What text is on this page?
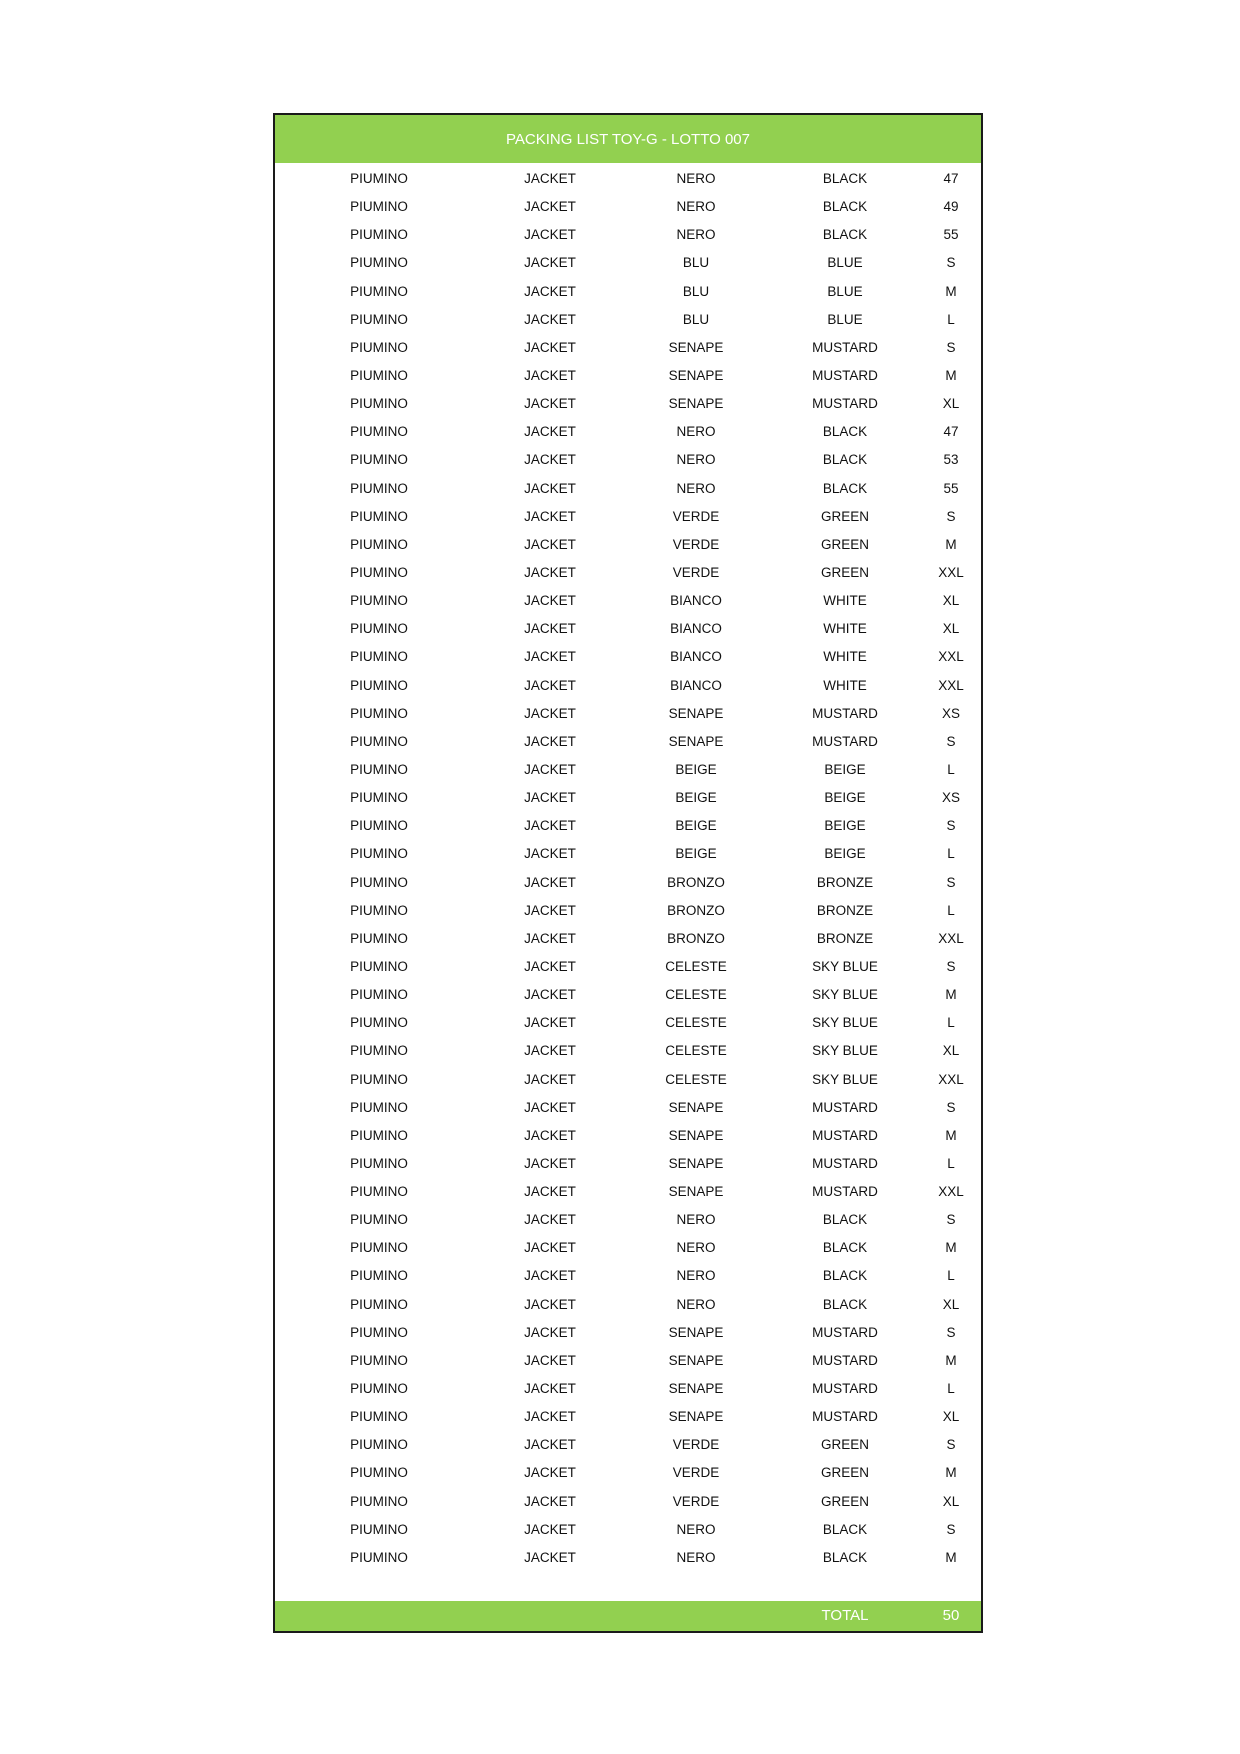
PACKING LIST TOY-G - LOTTO 007
PIUMINO	JACKET	NERO	BLACK	47
PIUMINO	JACKET	NERO	BLACK	49
PIUMINO	JACKET	NERO	BLACK	55
PIUMINO	JACKET	BLU	BLUE	S
PIUMINO	JACKET	BLU	BLUE	M
PIUMINO	JACKET	BLU	BLUE	L
PIUMINO	JACKET	SENAPE	MUSTARD	S
PIUMINO	JACKET	SENAPE	MUSTARD	M
PIUMINO	JACKET	SENAPE	MUSTARD	XL
PIUMINO	JACKET	NERO	BLACK	47
PIUMINO	JACKET	NERO	BLACK	53
PIUMINO	JACKET	NERO	BLACK	55
PIUMINO	JACKET	VERDE	GREEN	S
PIUMINO	JACKET	VERDE	GREEN	M
PIUMINO	JACKET	VERDE	GREEN	XXL
PIUMINO	JACKET	BIANCO	WHITE	XL
PIUMINO	JACKET	BIANCO	WHITE	XL
PIUMINO	JACKET	BIANCO	WHITE	XXL
PIUMINO	JACKET	BIANCO	WHITE	XXL
PIUMINO	JACKET	SENAPE	MUSTARD	XS
PIUMINO	JACKET	SENAPE	MUSTARD	S
PIUMINO	JACKET	BEIGE	BEIGE	L
PIUMINO	JACKET	BEIGE	BEIGE	XS
PIUMINO	JACKET	BEIGE	BEIGE	S
PIUMINO	JACKET	BEIGE	BEIGE	L
PIUMINO	JACKET	BRONZO	BRONZE	S
PIUMINO	JACKET	BRONZO	BRONZE	L
PIUMINO	JACKET	BRONZO	BRONZE	XXL
PIUMINO	JACKET	CELESTE	SKY BLUE	S
PIUMINO	JACKET	CELESTE	SKY BLUE	M
PIUMINO	JACKET	CELESTE	SKY BLUE	L
PIUMINO	JACKET	CELESTE	SKY BLUE	XL
PIUMINO	JACKET	CELESTE	SKY BLUE	XXL
PIUMINO	JACKET	SENAPE	MUSTARD	S
PIUMINO	JACKET	SENAPE	MUSTARD	M
PIUMINO	JACKET	SENAPE	MUSTARD	L
PIUMINO	JACKET	SENAPE	MUSTARD	XXL
PIUMINO	JACKET	NERO	BLACK	S
PIUMINO	JACKET	NERO	BLACK	M
PIUMINO	JACKET	NERO	BLACK	L
PIUMINO	JACKET	NERO	BLACK	XL
PIUMINO	JACKET	SENAPE	MUSTARD	S
PIUMINO	JACKET	SENAPE	MUSTARD	M
PIUMINO	JACKET	SENAPE	MUSTARD	L
PIUMINO	JACKET	SENAPE	MUSTARD	XL
PIUMINO	JACKET	VERDE	GREEN	S
PIUMINO	JACKET	VERDE	GREEN	M
PIUMINO	JACKET	VERDE	GREEN	XL
PIUMINO	JACKET	NERO	BLACK	S
PIUMINO	JACKET	NERO	BLACK	M
TOTAL	50
